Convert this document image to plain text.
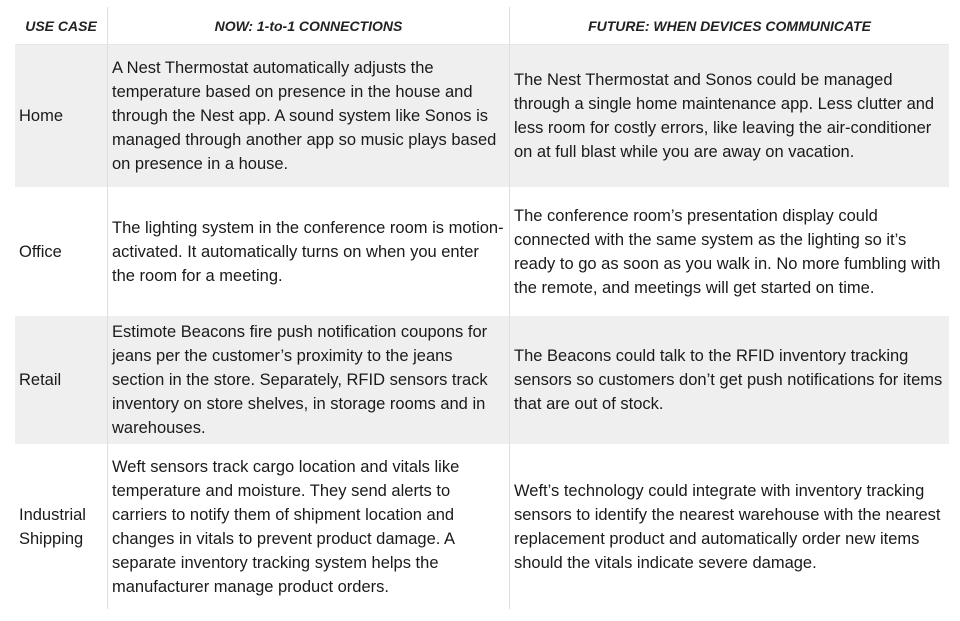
USE CASE	NOW: 1-to-1 CONNECTIONS	FUTURE: WHEN DEVICES COMMUNICATE
Home
A Nest Thermostat automatically adjusts the temperature based on presence in the house and through the Nest app. A sound system like Sonos is managed through another app so music plays based on presence in a house.
The Nest Thermostat and Sonos could be managed through a single home maintenance app. Less clutter and less room for costly errors, like leaving the air-conditioner on at full blast while you are away on vacation.
Office
The lighting system in the conference room is motion-activated. It automatically turns on when you enter the room for a meeting.
The conference room’s presentation display could connected with the same system as the lighting so it’s ready to go as soon as you walk in. No more fumbling with the remote, and meetings will get started on time.
Retail
Estimote Beacons fire push notification coupons for jeans per the customer’s proximity to the jeans section in the store. Separately, RFID sensors track inventory on store shelves, in storage rooms and in warehouses.
The Beacons could talk to the RFID inventory tracking sensors so customers don’t get push notifications for items that are out of stock.
Industrial Shipping
Weft sensors track cargo location and vitals like temperature and moisture. They send alerts to carriers to notify them of shipment location and changes in vitals to prevent product damage. A separate inventory tracking system helps the manufacturer manage product orders.
Weft’s technology could integrate with inventory tracking sensors to identify the nearest warehouse with the nearest replacement product and automatically order new items should the vitals indicate severe damage.
